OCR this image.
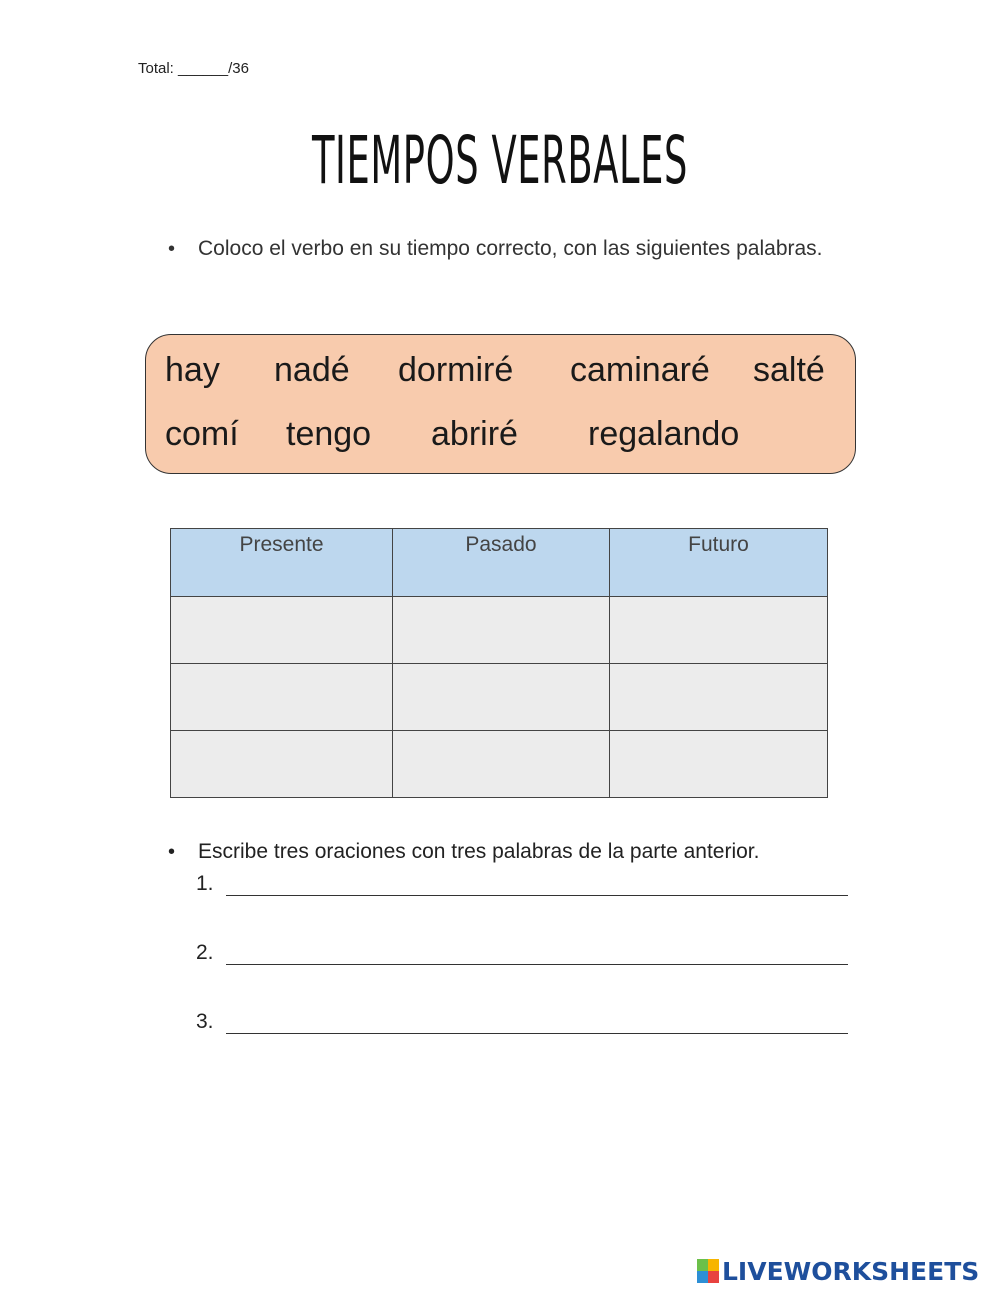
Total: ______/36
TIEMPOS VERBALES
• Coloco el verbo en su tiempo correcto, con las siguientes palabras.
hay nadé dormiré caminaré salté
comí tengo abriré regalando
Presente	Pasado	Futuro

• Escribe tres oraciones con tres palabras de la parte anterior.
1.
2.
3.
LIVEWORKSHEETS
